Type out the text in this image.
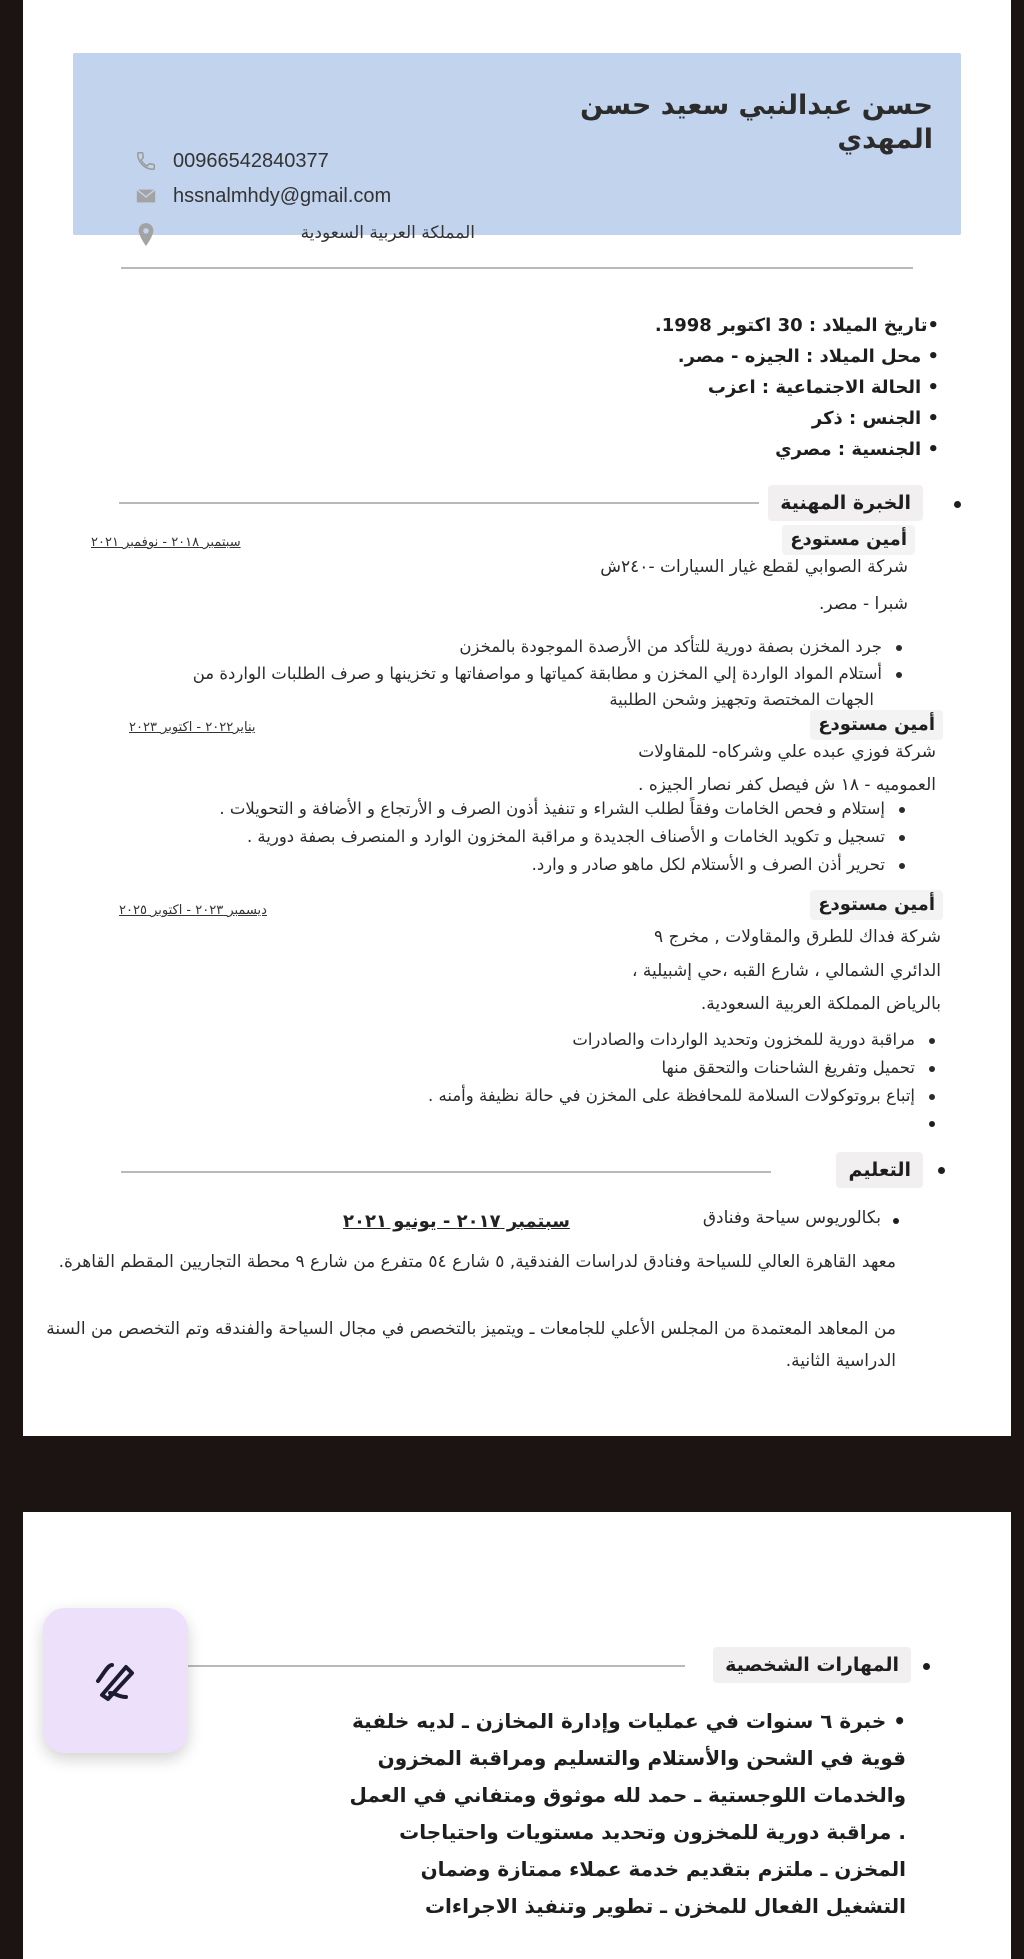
حسن عبدالنبي سعيد حسن المهدي
00966542840377
hssnalmhdy@gmail.com
المملكة العربية السعودية
•تاريخ الميلاد : 30 اكتوبر 1998.
• محل الميلاد : الجيزه - مصر.
• الحالة الاجتماعية : اعزب
• الجنس : ذكر
• الجنسية : مصري
الخبرة المهنية
أمين مستودع
سبتمبر ٢٠١٨ - نوفمبر ٢٠٢١
شركة الصوابي لقطع غيار السيارات -٢٤٠ش
شبرا - مصر.
جرد المخزن بصفة دورية للتأكد من الأرصدة الموجودة بالمخزن
أستلام المواد الواردة إلي المخزن و مطابقة كمياتها و مواصفاتها و تخزينها و صرف الطلبات الواردة من
الجهات المختصة وتجهيز وشحن الطلبية
أمين مستودع
يناير٢٠٢٢ - اكتوبر ٢٠٢٣
شركة فوزي عبده علي وشركاه- للمقاولات
العموميه - ١٨ ش فيصل كفر نصار الجيزه .
إستلام و فحص الخامات وفقاً لطلب الشراء و تنفيذ أذون الصرف و الأرتجاع و الأضافة و التحويلات .
تسجيل و تكويد الخامات و الأصناف الجديدة و مراقبة المخزون الوارد و المنصرف بصفة دورية .
تحرير أذن الصرف و الأستلام لكل ماهو صادر و وارد.
أمين مستودع
ديسمبر ٢٠٢٣ - اكتوبر ٢٠٢٥
شركة فداك للطرق والمقاولات , مخرج ٩
الدائري الشمالي ، شارع القبه ،حي إشبيلية ،
بالرياض المملكة العربية السعودية.
مراقبة دورية للمخزون وتحديد الواردات والصادرات
تحميل وتفريغ الشاحنات والتحقق منها
إتباع بروتوكولات السلامة للمحافظة على المخزن في حالة نظيفة وأمنه .
التعليم
بكالوريوس سياحة وفنادق
سبتمبر ٢٠١٧ - يونيو ٢٠٢١
معهد القاهرة العالي للسياحة وفنادق لدراسات الفندقية, ٥ شارع ٥٤ متفرع من شارع ٩ محطة التجاريين المقطم القاهرة.
من المعاهد المعتمدة من المجلس الأعلي للجامعات ـ ويتميز بالتخصص في مجال السياحة والفندقه وتم التخصص من السنة الدراسية الثانية.
المهارات الشخصية
• خبرة ٦ سنوات في عمليات وإدارة المخازن ـ لديه خلفية قوية في الشحن والأستلام والتسليم ومراقبة المخزون والخدمات اللوجستية ـ حمد لله موثوق ومتفاني في العمل . مراقبة دورية للمخزون وتحديد مستويات واحتياجات المخزن ـ ملتزم بتقديم خدمة عملاء ممتازة وضمان التشغيل الفعال للمخزن ـ تطوير وتنفيذ الاجراءات
